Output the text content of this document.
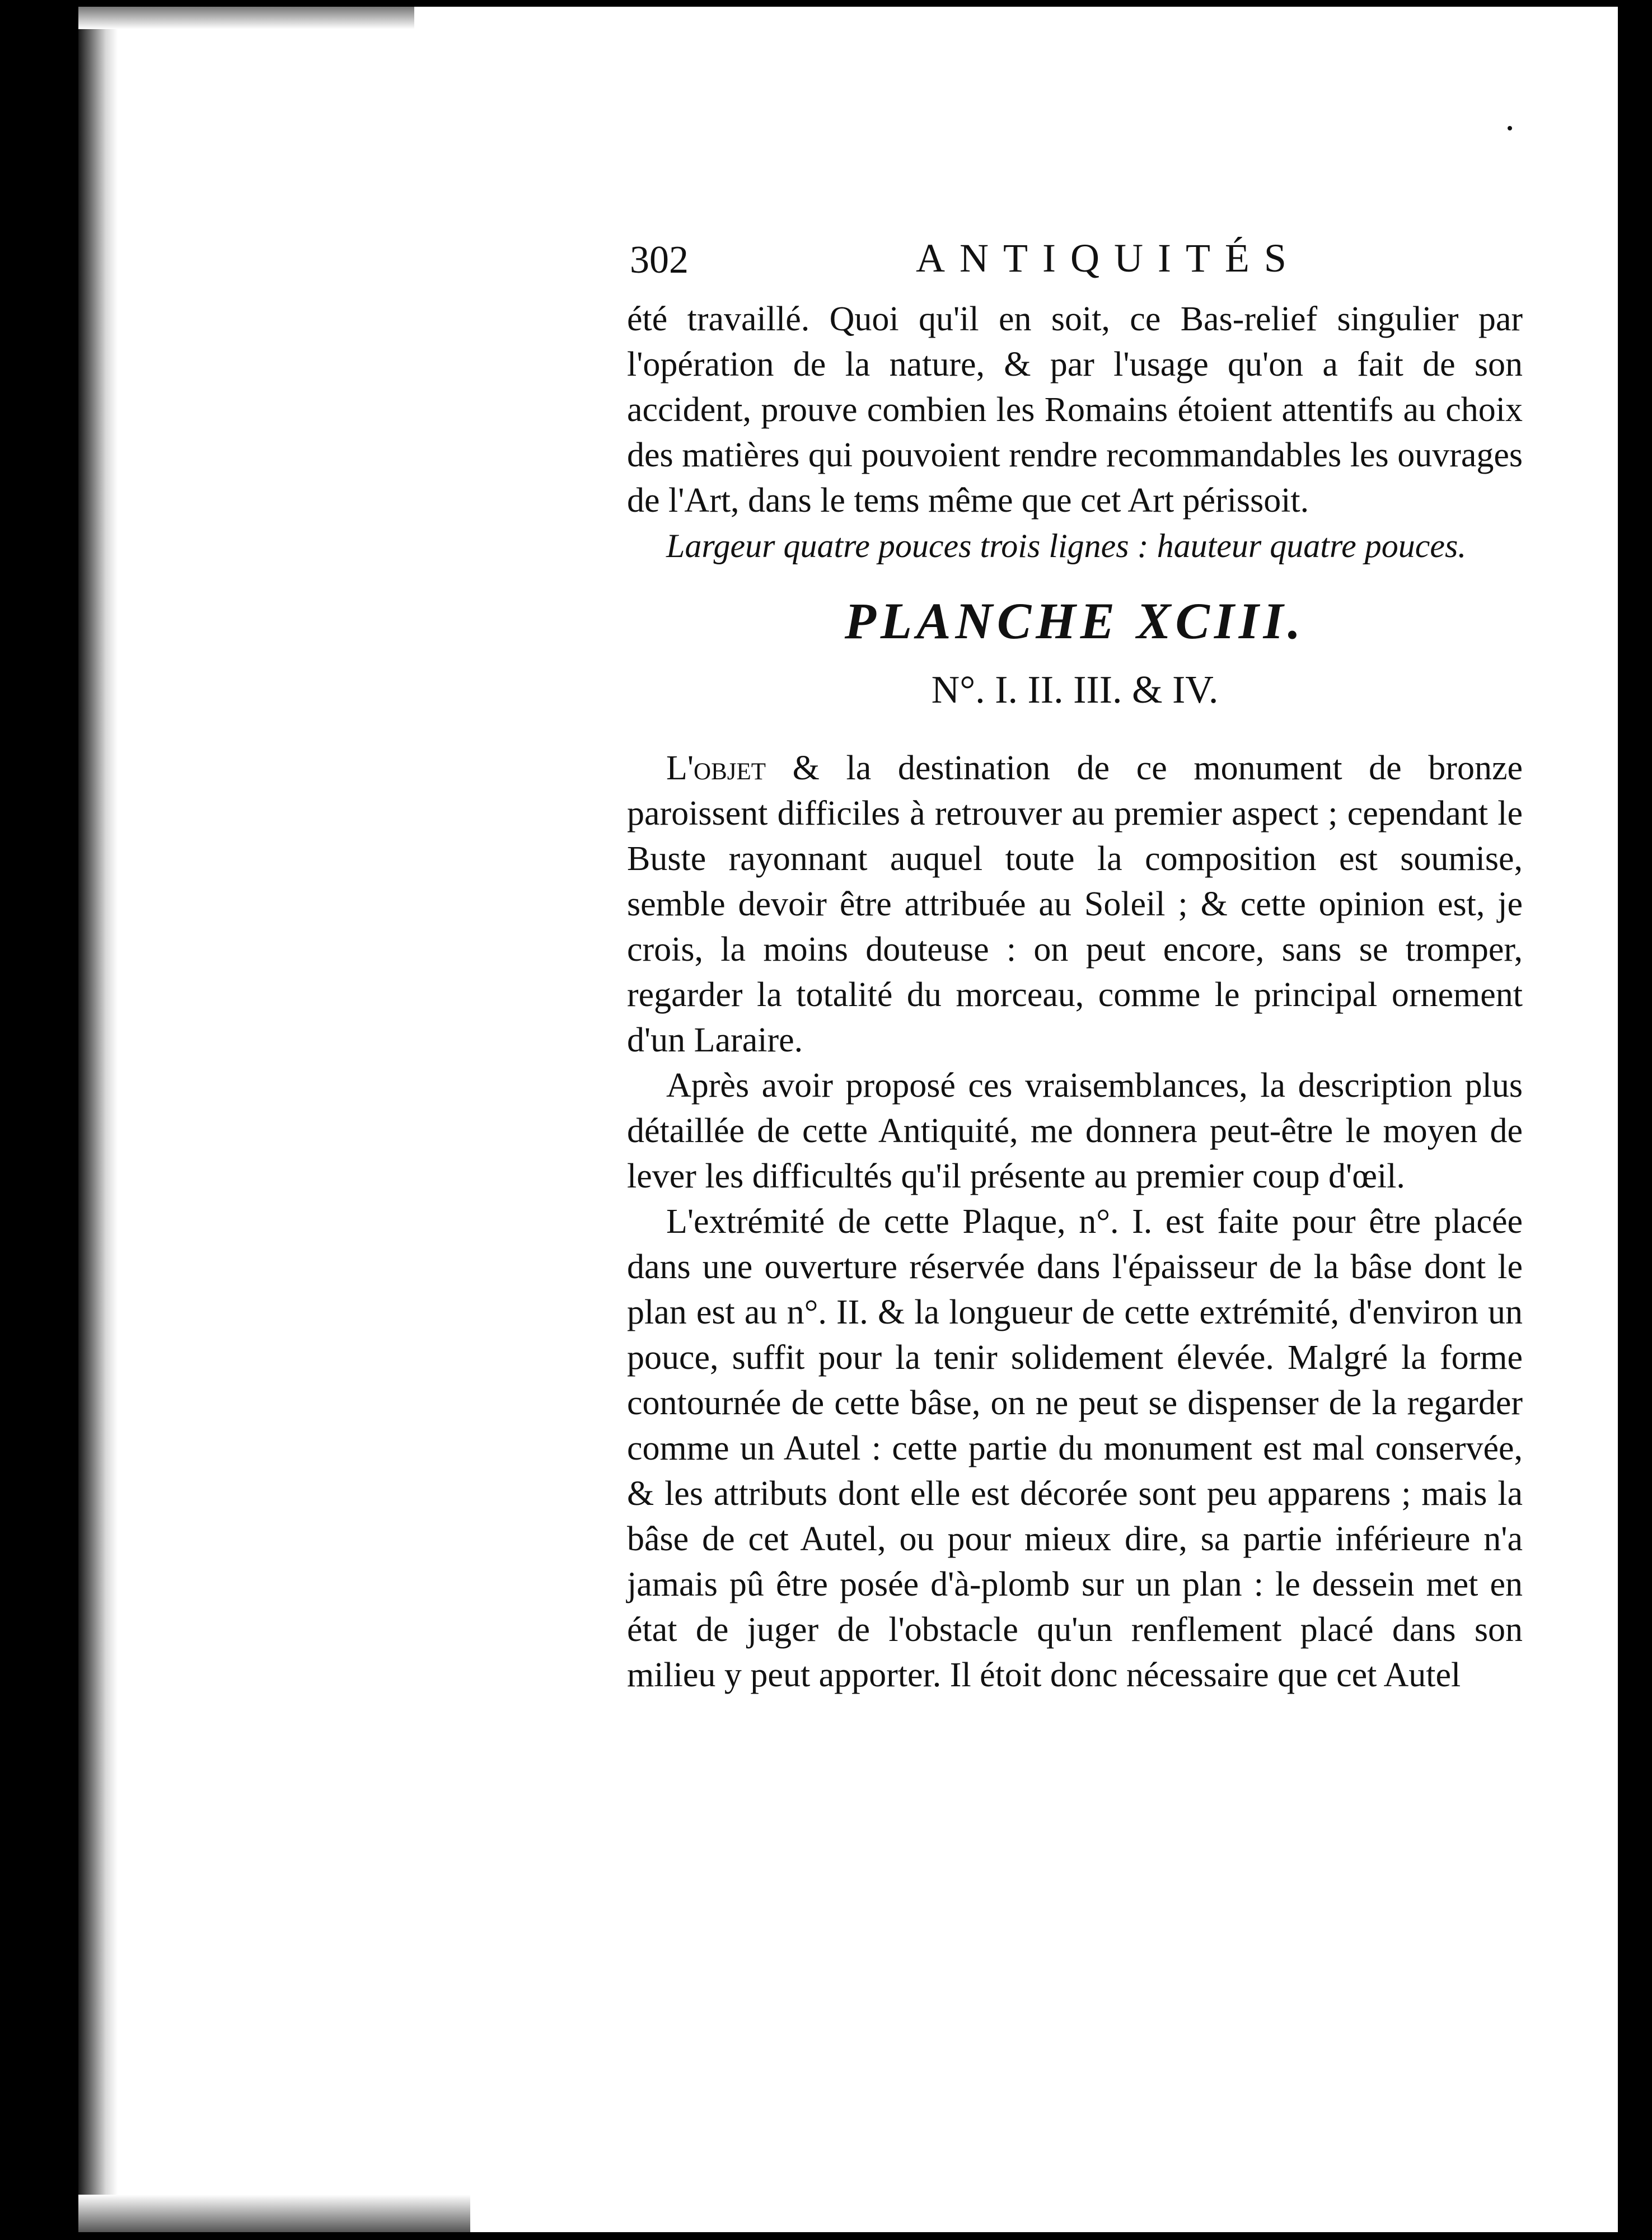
302	ANTIQUITÉS

été travaillé. Quoi qu'il en soit, ce Bas-relief singulier par l'opération de la nature, & par l'usage qu'on a fait de son accident, prouve combien les Romains étoient attentifs au choix des matières qui pouvoient rendre recommandables les ouvrages de l'Art, dans le tems même que cet Art périssoit.

Largeur quatre pouces trois lignes : hauteur quatre pouces.

PLANCHE XCIII.
N°. I. II. III. & IV.

L'objet & la destination de ce monument de bronze paroissent difficiles à retrouver au premier aspect ; cependant le Buste rayonnant auquel toute la composition est soumise, semble devoir être attribuée au Soleil ; & cette opinion est, je crois, la moins douteuse : on peut encore, sans se tromper, regarder la totalité du morceau, comme le principal ornement d'un Laraire.

Après avoir proposé ces vraisemblances, la description plus détaillée de cette Antiquité, me donnera peut-être le moyen de lever les difficultés qu'il présente au premier coup d'œil.

L'extrémité de cette Plaque, n°. I. est faite pour être placée dans une ouverture réservée dans l'épaisseur de la bâse dont le plan est au n°. II. & la longueur de cette extrémité, d'environ un pouce, suffit pour la tenir solidement élevée. Malgré la forme contournée de cette bâse, on ne peut se dispenser de la regarder comme un Autel : cette partie du monument est mal conservée, & les attributs dont elle est décorée sont peu apparens ; mais la bâse de cet Autel, ou pour mieux dire, sa partie inférieure n'a jamais pû être posée d'à-plomb sur un plan : le dessein met en état de juger de l'obstacle qu'un renflement placé dans son milieu y peut apporter. Il étoit donc nécessaire que cet Autel
